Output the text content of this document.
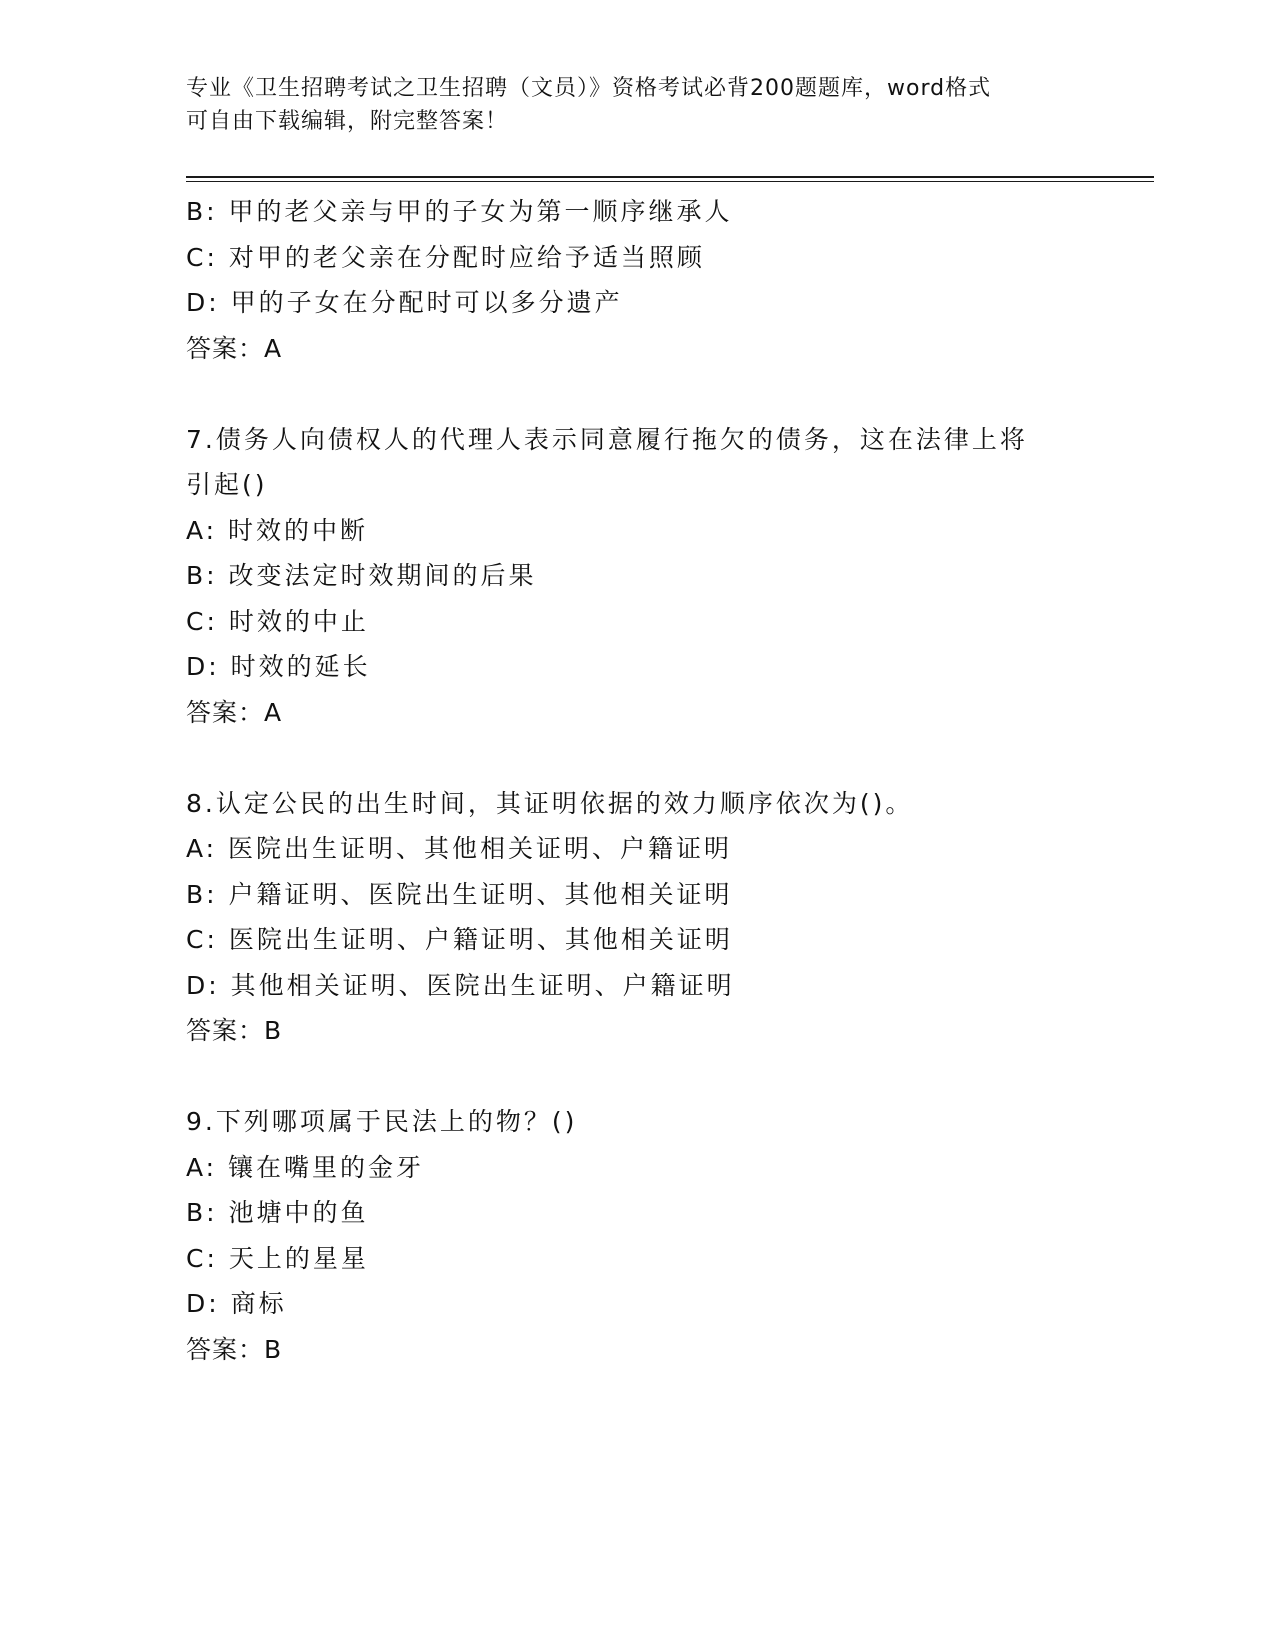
专业《卫生招聘考试之卫生招聘（文员）》资格考试必背200题题库，word格式
可自由下载编辑，附完整答案！
B: 甲的老父亲与甲的子女为第一顺序继承人
C: 对甲的老父亲在分配时应给予适当照顾
D: 甲的子女在分配时可以多分遗产
答案：A
7.债务人向债权人的代理人表示同意履行拖欠的债务，这在法律上将
引起()
A: 时效的中断
B: 改变法定时效期间的后果
C: 时效的中止
D: 时效的延长
答案：A
8.认定公民的出生时间，其证明依据的效力顺序依次为()。
A: 医院出生证明、其他相关证明、户籍证明
B: 户籍证明、医院出生证明、其他相关证明
C: 医院出生证明、户籍证明、其他相关证明
D: 其他相关证明、医院出生证明、户籍证明
答案：B
9.下列哪项属于民法上的物？()
A: 镶在嘴里的金牙
B: 池塘中的鱼
C: 天上的星星
D: 商标
答案：B
